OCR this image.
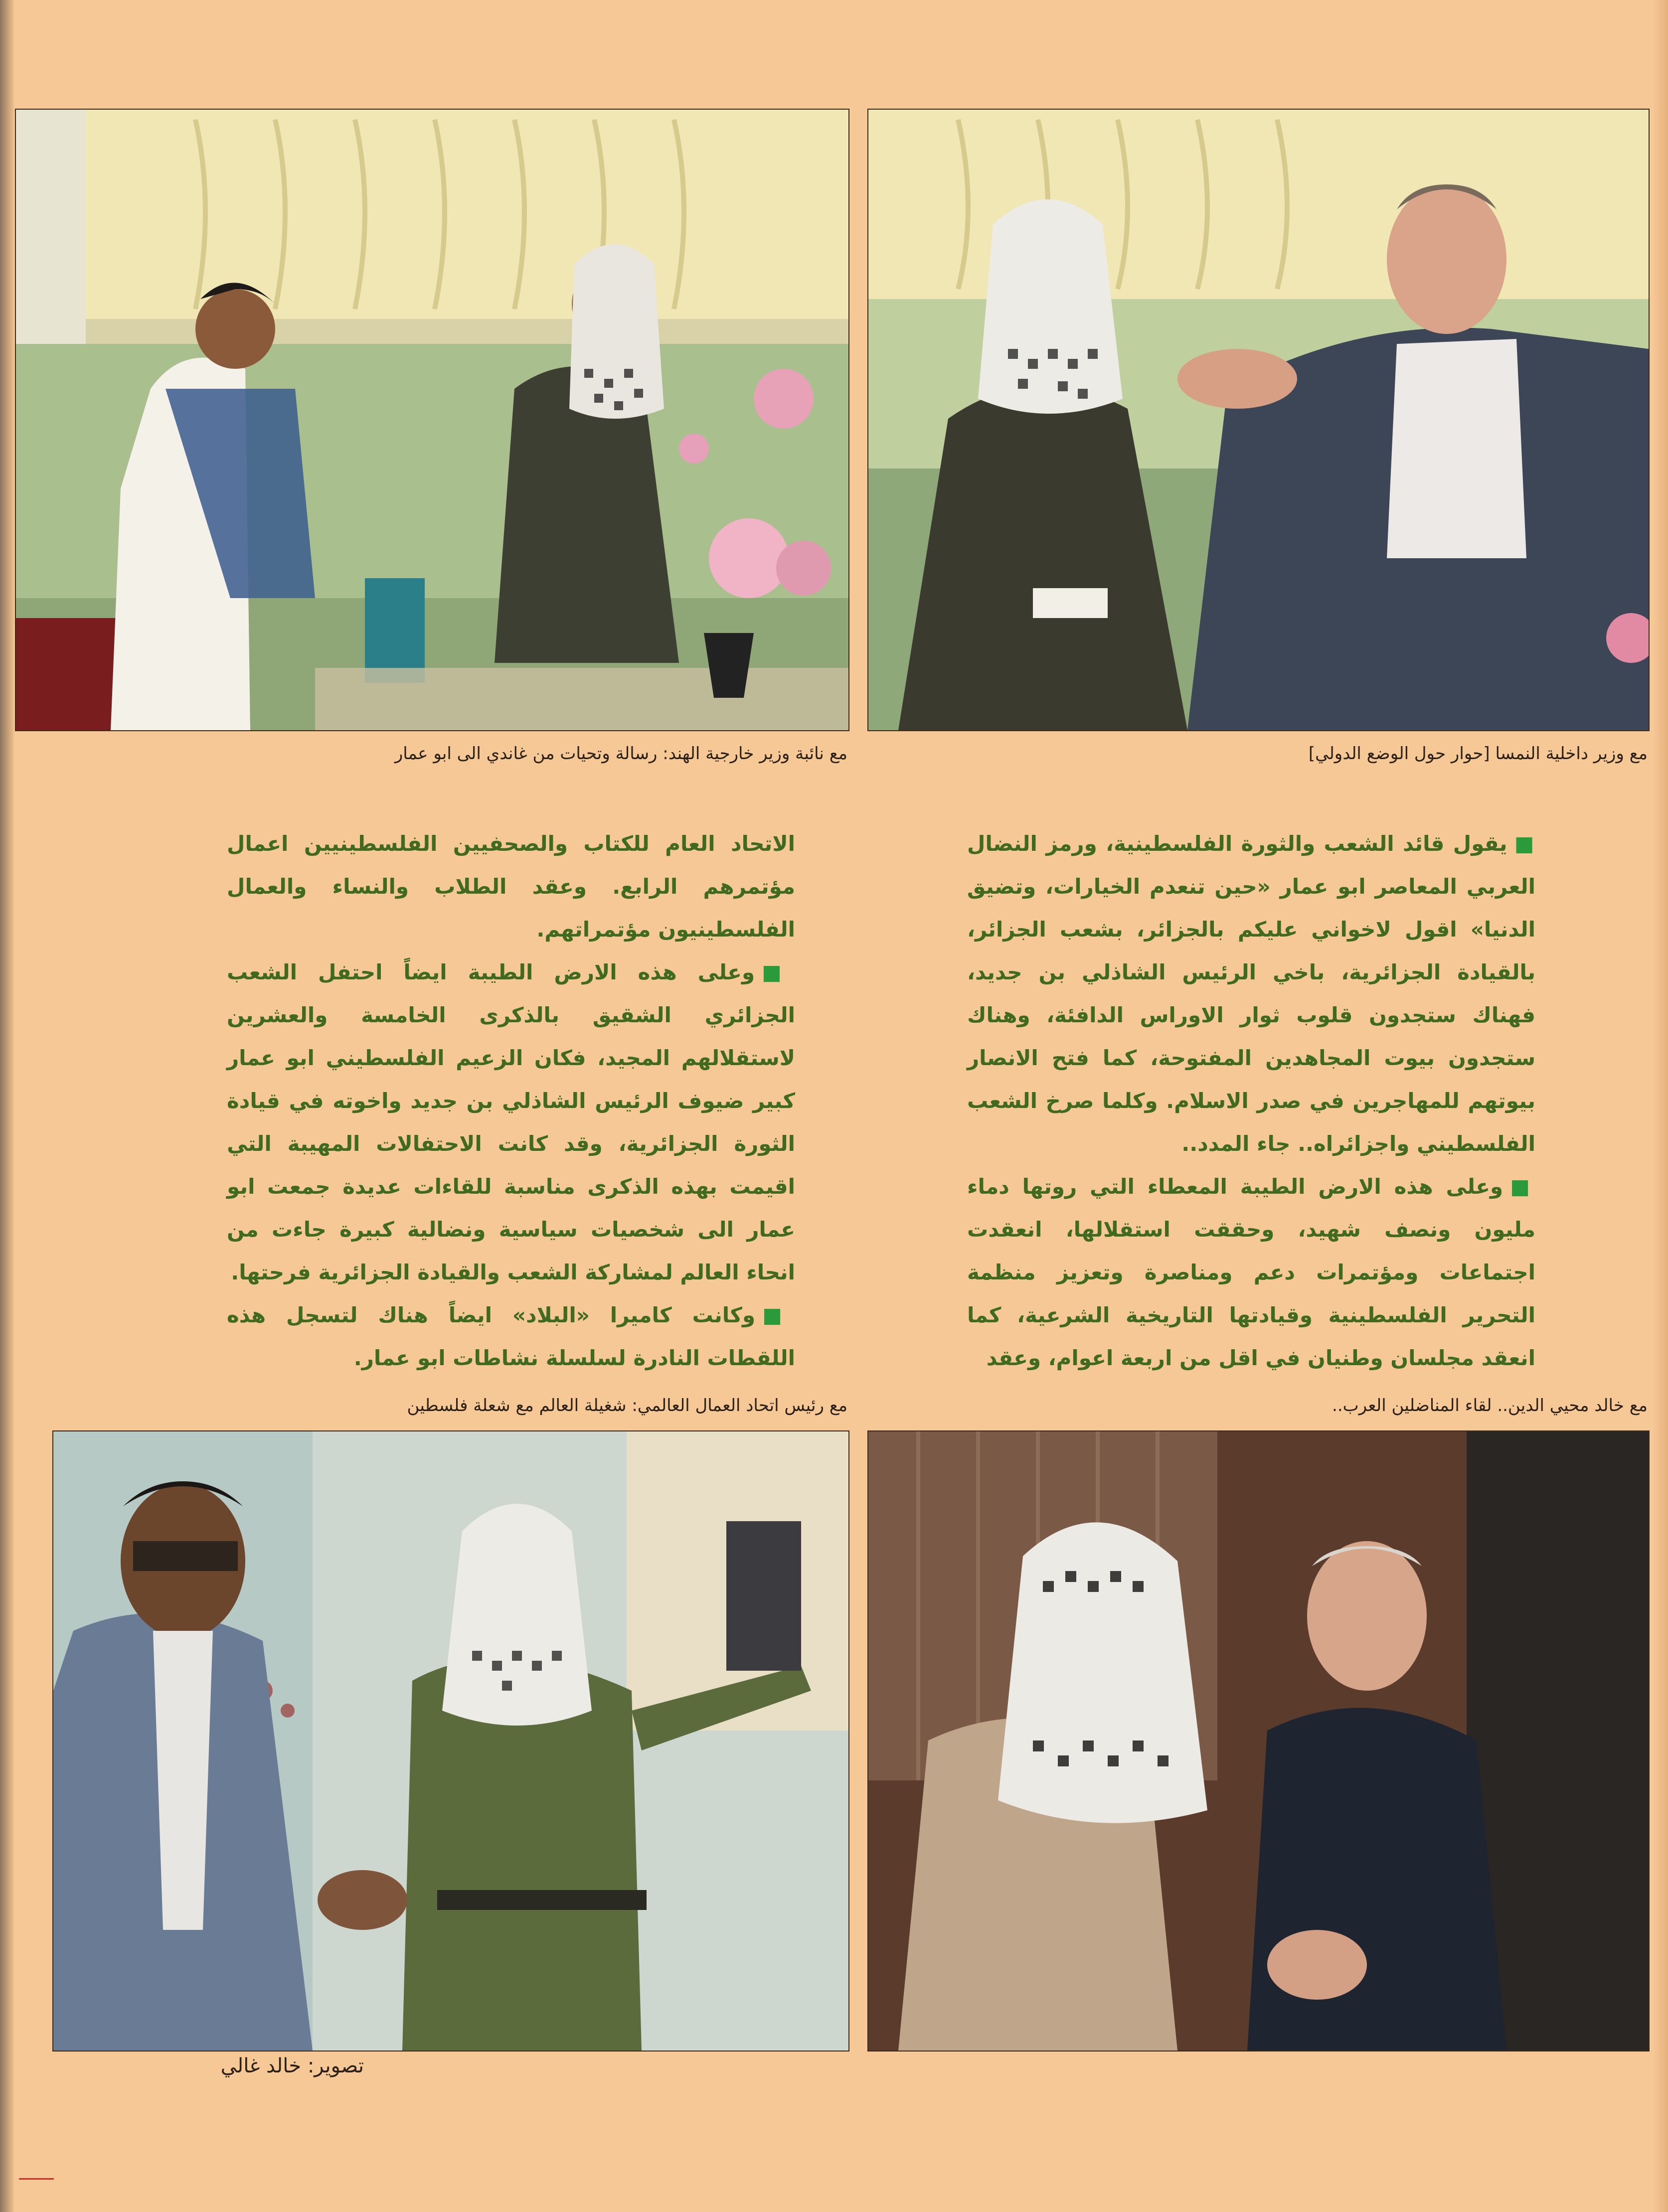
مع نائبة وزير خارجية الهند: رسالة وتحيات من غاندي الى ابو عمار	مع وزير داخلية النمسا [حوار حول الوضع الدولي]

الاتحاد العام للكتاب والصحفيين الفلسطينيين اعمال مؤتمرهم الرابع. وعقد الطلاب والنساء والعمال الفلسطينيون مؤتمراتهم.

■وعلى هذه الارض الطيبة ايضاً احتفل الشعب الجزائري الشقيق بالذكرى الخامسة والعشرين لاستقلالهم المجيد، فكان الزعيم الفلسطيني ابو عمار كبير ضيوف الرئيس الشاذلي بن جديد واخوته في قيادة الثورة الجزائرية، وقد كانت الاحتفالات المهيبة التي اقيمت بهذه الذكرى مناسبة للقاءات عديدة جمعت ابو عمار الى شخصيات سياسية ونضالية كبيرة جاءت من انحاء العالم لمشاركة الشعب والقيادة الجزائرية فرحتها.

■وكانت كاميرا «البلاد» ايضاً هناك لتسجل هذه اللقطات النادرة لسلسلة نشاطات ابو عمار.

■يقول قائد الشعب والثورة الفلسطينية، ورمز النضال العربي المعاصر ابو عمار «حين تنعدم الخيارات، وتضيق الدنيا» اقول لاخواني عليكم بالجزائر، بشعب الجزائر، بالقيادة الجزائرية، باخي الرئيس الشاذلي بن جديد، فهناك ستجدون قلوب ثوار الاوراس الدافئة، وهناك ستجدون بيوت المجاهدين المفتوحة، كما فتح الانصار بيوتهم للمهاجرين في صدر الاسلام. وكلما صرخ الشعب الفلسطيني واجزائراه.. جاء المدد..

■وعلى هذه الارض الطيبة المعطاء التي روتها دماء مليون ونصف شهيد، وحققت استقلالها، انعقدت اجتماعات ومؤتمرات دعم ومناصرة وتعزيز منظمة التحرير الفلسطينية وقيادتها التاريخية الشرعية، كما انعقد مجلسان وطنيان في اقل من اربعة اعوام، وعقد

مع رئيس اتحاد العمال العالمي: شغيلة العالم مع شعلة فلسطين	مع خالد محيي الدين.. لقاء المناضلين العرب..
تصوير: خالد غالي
